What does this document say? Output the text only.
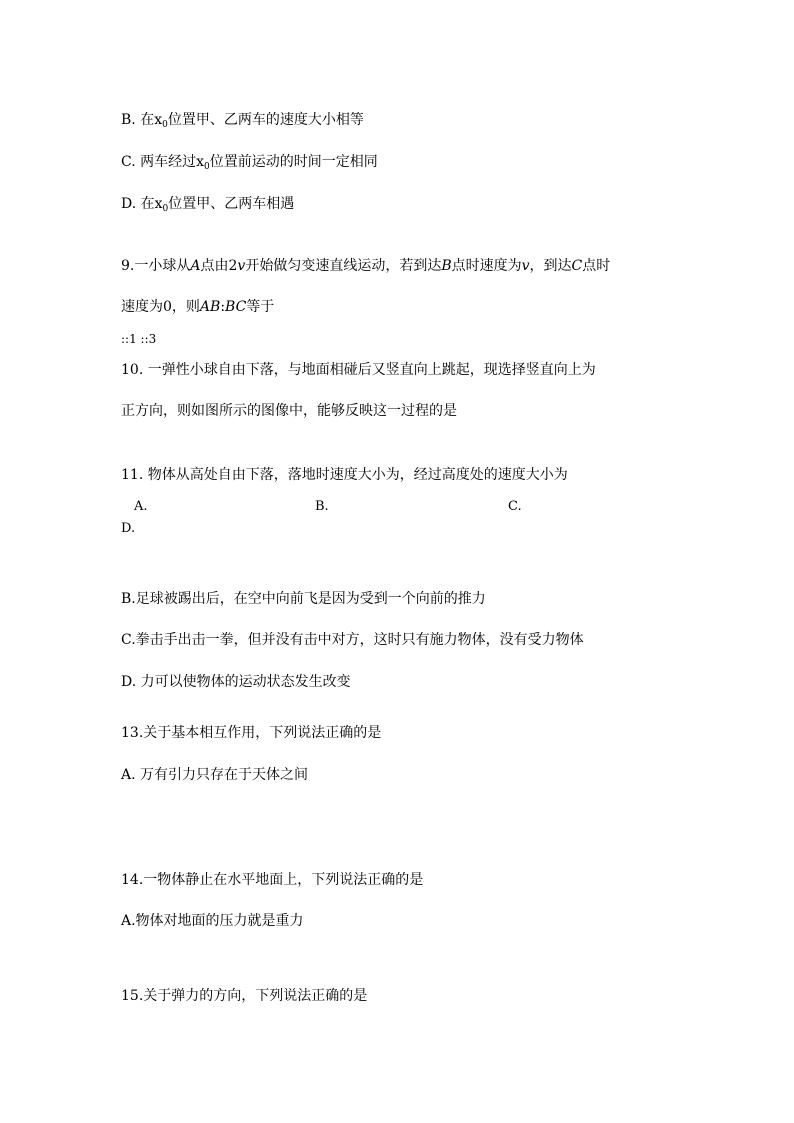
B. 在$x_0$位置甲、乙两车的速度大小相等
C. 两车经过$x_0$位置前运动的时间一定相同
D. 在$x_0$位置甲、乙两车相遇
9.一小球从A点由2v开始做匀变速直线运动，若到达B点时速度为v，到达C点时
速度为0，则AB:BC等于
::1 ::3
10. 一弹性小球自由下落，与地面相碰后又竖直向上跳起，现选择竖直向上为
正方向，则如图所示的图像中，能够反映这一过程的是
11. 物体从高处自由下落，落地时速度大小为，经过高度处的速度大小为
A.	B.	C.
D.
B.足球被踢出后，在空中向前飞是因为受到一个向前的推力
C.拳击手出击一拳，但并没有击中对方，这时只有施力物体，没有受力物体
D. 力可以使物体的运动状态发生改变
13.关于基本相互作用，下列说法正确的是
A. 万有引力只存在于天体之间
14.一物体静止在水平地面上，下列说法正确的是
A.物体对地面的压力就是重力
15.关于弹力的方向，下列说法正确的是
